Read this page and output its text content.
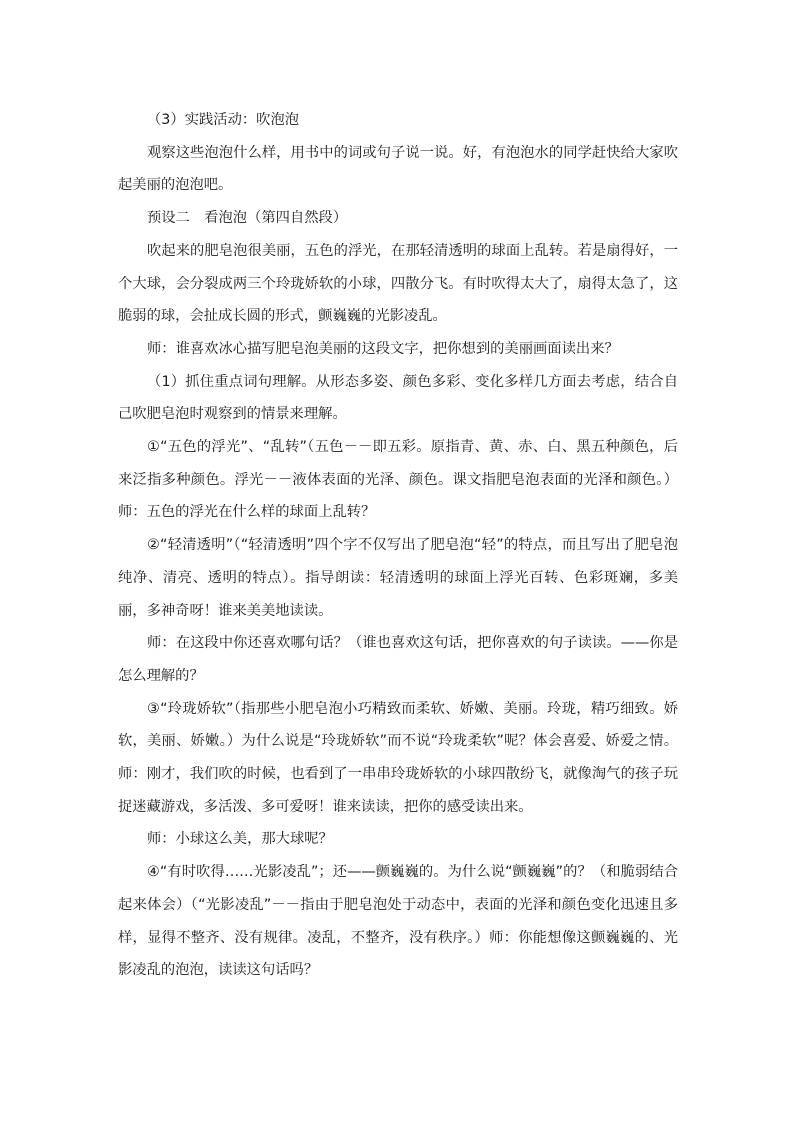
（3）实践活动：吹泡泡

观察这些泡泡什么样，用书中的词或句子说一说。好，有泡泡水的同学赶快给大家吹起美丽的泡泡吧。

预设二　看泡泡（第四自然段）

吹起来的肥皂泡很美丽，五色的浮光，在那轻清透明的球面上乱转。若是扇得好，一个大球，会分裂成两三个玲珑娇软的小球，四散分飞。有时吹得太大了，扇得太急了，这脆弱的球，会扯成长圆的形式，颤巍巍的光影凌乱。

师：谁喜欢冰心描写肥皂泡美丽的这段文字，把你想到的美丽画面读出来？

（1）抓住重点词句理解。从形态多姿、颜色多彩、变化多样几方面去考虑，结合自己吹肥皂泡时观察到的情景来理解。

①“五色的浮光”、“乱转”（五色－－即五彩。原指青、黄、赤、白、黑五种颜色，后来泛指多种颜色。浮光－－液体表面的光泽、颜色。课文指肥皂泡表面的光泽和颜色。）师：五色的浮光在什么样的球面上乱转？

②“轻清透明”（“轻清透明”四个字不仅写出了肥皂泡“轻”的特点，而且写出了肥皂泡纯净、清亮、透明的特点）。指导朗读：轻清透明的球面上浮光百转、色彩斑斓，多美丽，多神奇呀！谁来美美地读读。

师：在这段中你还喜欢哪句话？（谁也喜欢这句话，把你喜欢的句子读读。——你是怎么理解的？

③“玲珑娇软”（指那些小肥皂泡小巧精致而柔软、娇嫩、美丽。玲珑，精巧细致。娇软，美丽、娇嫩。）为什么说是“玲珑娇软”而不说“玲珑柔软”呢？体会喜爱、娇爱之情。师：刚才，我们吹的时候，也看到了一串串玲珑娇软的小球四散纷飞，就像淘气的孩子玩捉迷藏游戏，多活泼、多可爱呀！谁来读读，把你的感受读出来。

师：小球这么美，那大球呢？

④“有时吹得……光影凌乱”；还——颤巍巍的。为什么说“颤巍巍”的？（和脆弱结合起来体会）（“光影凌乱”－－指由于肥皂泡处于动态中，表面的光泽和颜色变化迅速且多样，显得不整齐、没有规律。凌乱，不整齐，没有秩序。）师：你能想像这颤巍巍的、光影凌乱的泡泡，读读这句话吗？
